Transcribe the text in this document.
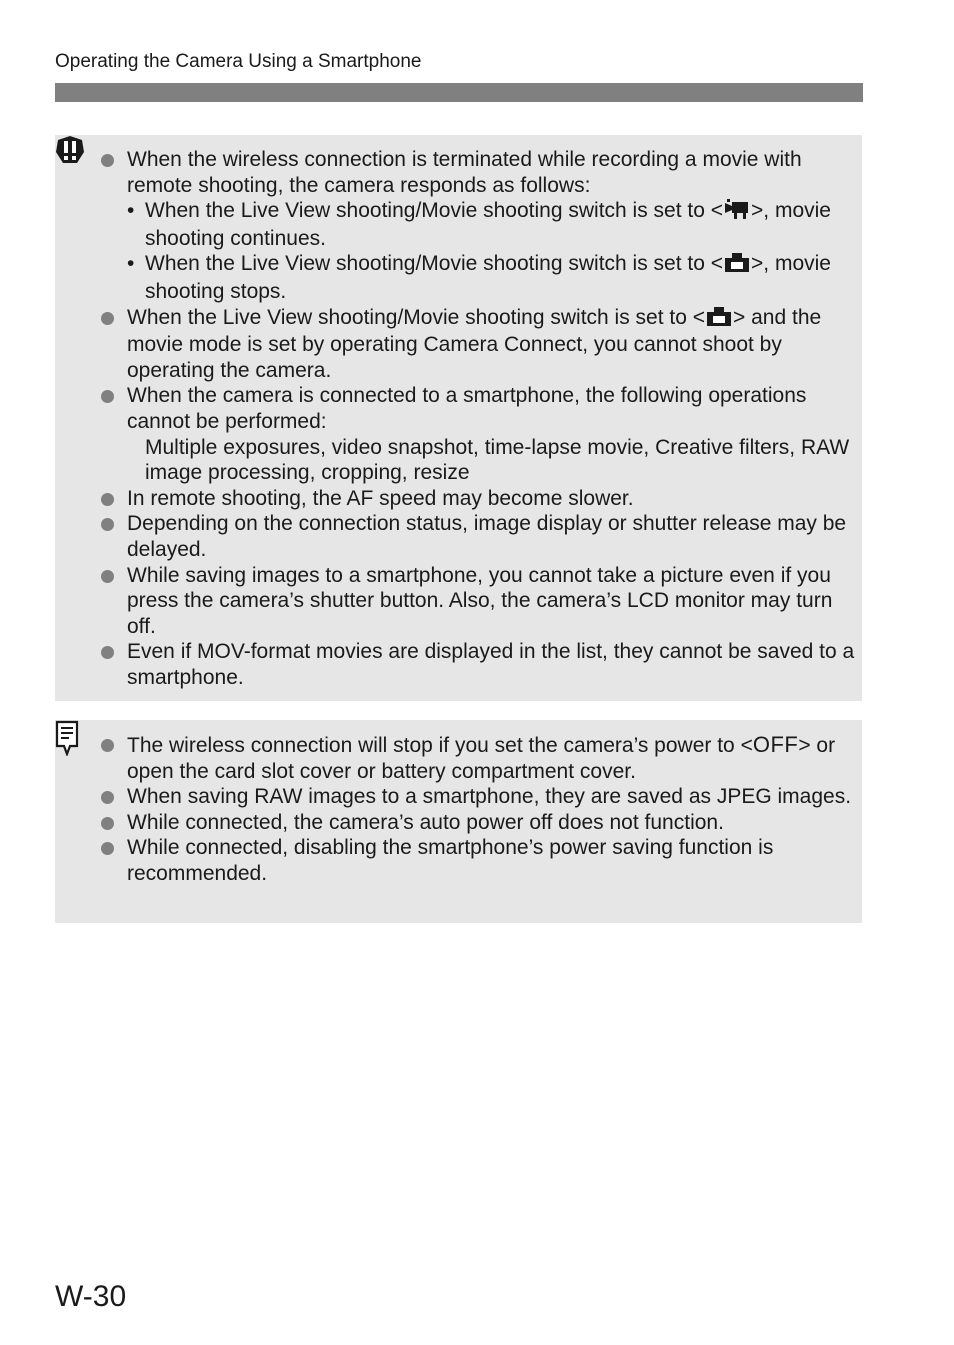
Operating the Camera Using a Smartphone
When the wireless connection is terminated while recording a movie with remote shooting, the camera responds as follows:
• When the Live View shooting/Movie shooting switch is set to < >, movie shooting continues.
• When the Live View shooting/Movie shooting switch is set to < >, movie shooting stops.
When the Live View shooting/Movie shooting switch is set to < > and the movie mode is set by operating Camera Connect, you cannot shoot by operating the camera.
When the camera is connected to a smartphone, the following operations cannot be performed:
Multiple exposures, video snapshot, time-lapse movie, Creative filters, RAW image processing, cropping, resize
In remote shooting, the AF speed may become slower.
Depending on the connection status, image display or shutter release may be delayed.
While saving images to a smartphone, you cannot take a picture even if you press the camera’s shutter button. Also, the camera’s LCD monitor may turn off.
Even if MOV-format movies are displayed in the list, they cannot be saved to a smartphone.
The wireless connection will stop if you set the camera’s power to <OFF> or open the card slot cover or battery compartment cover.
When saving RAW images to a smartphone, they are saved as JPEG images.
While connected, the camera’s auto power off does not function.
While connected, disabling the smartphone’s power saving function is recommended.
W-30
